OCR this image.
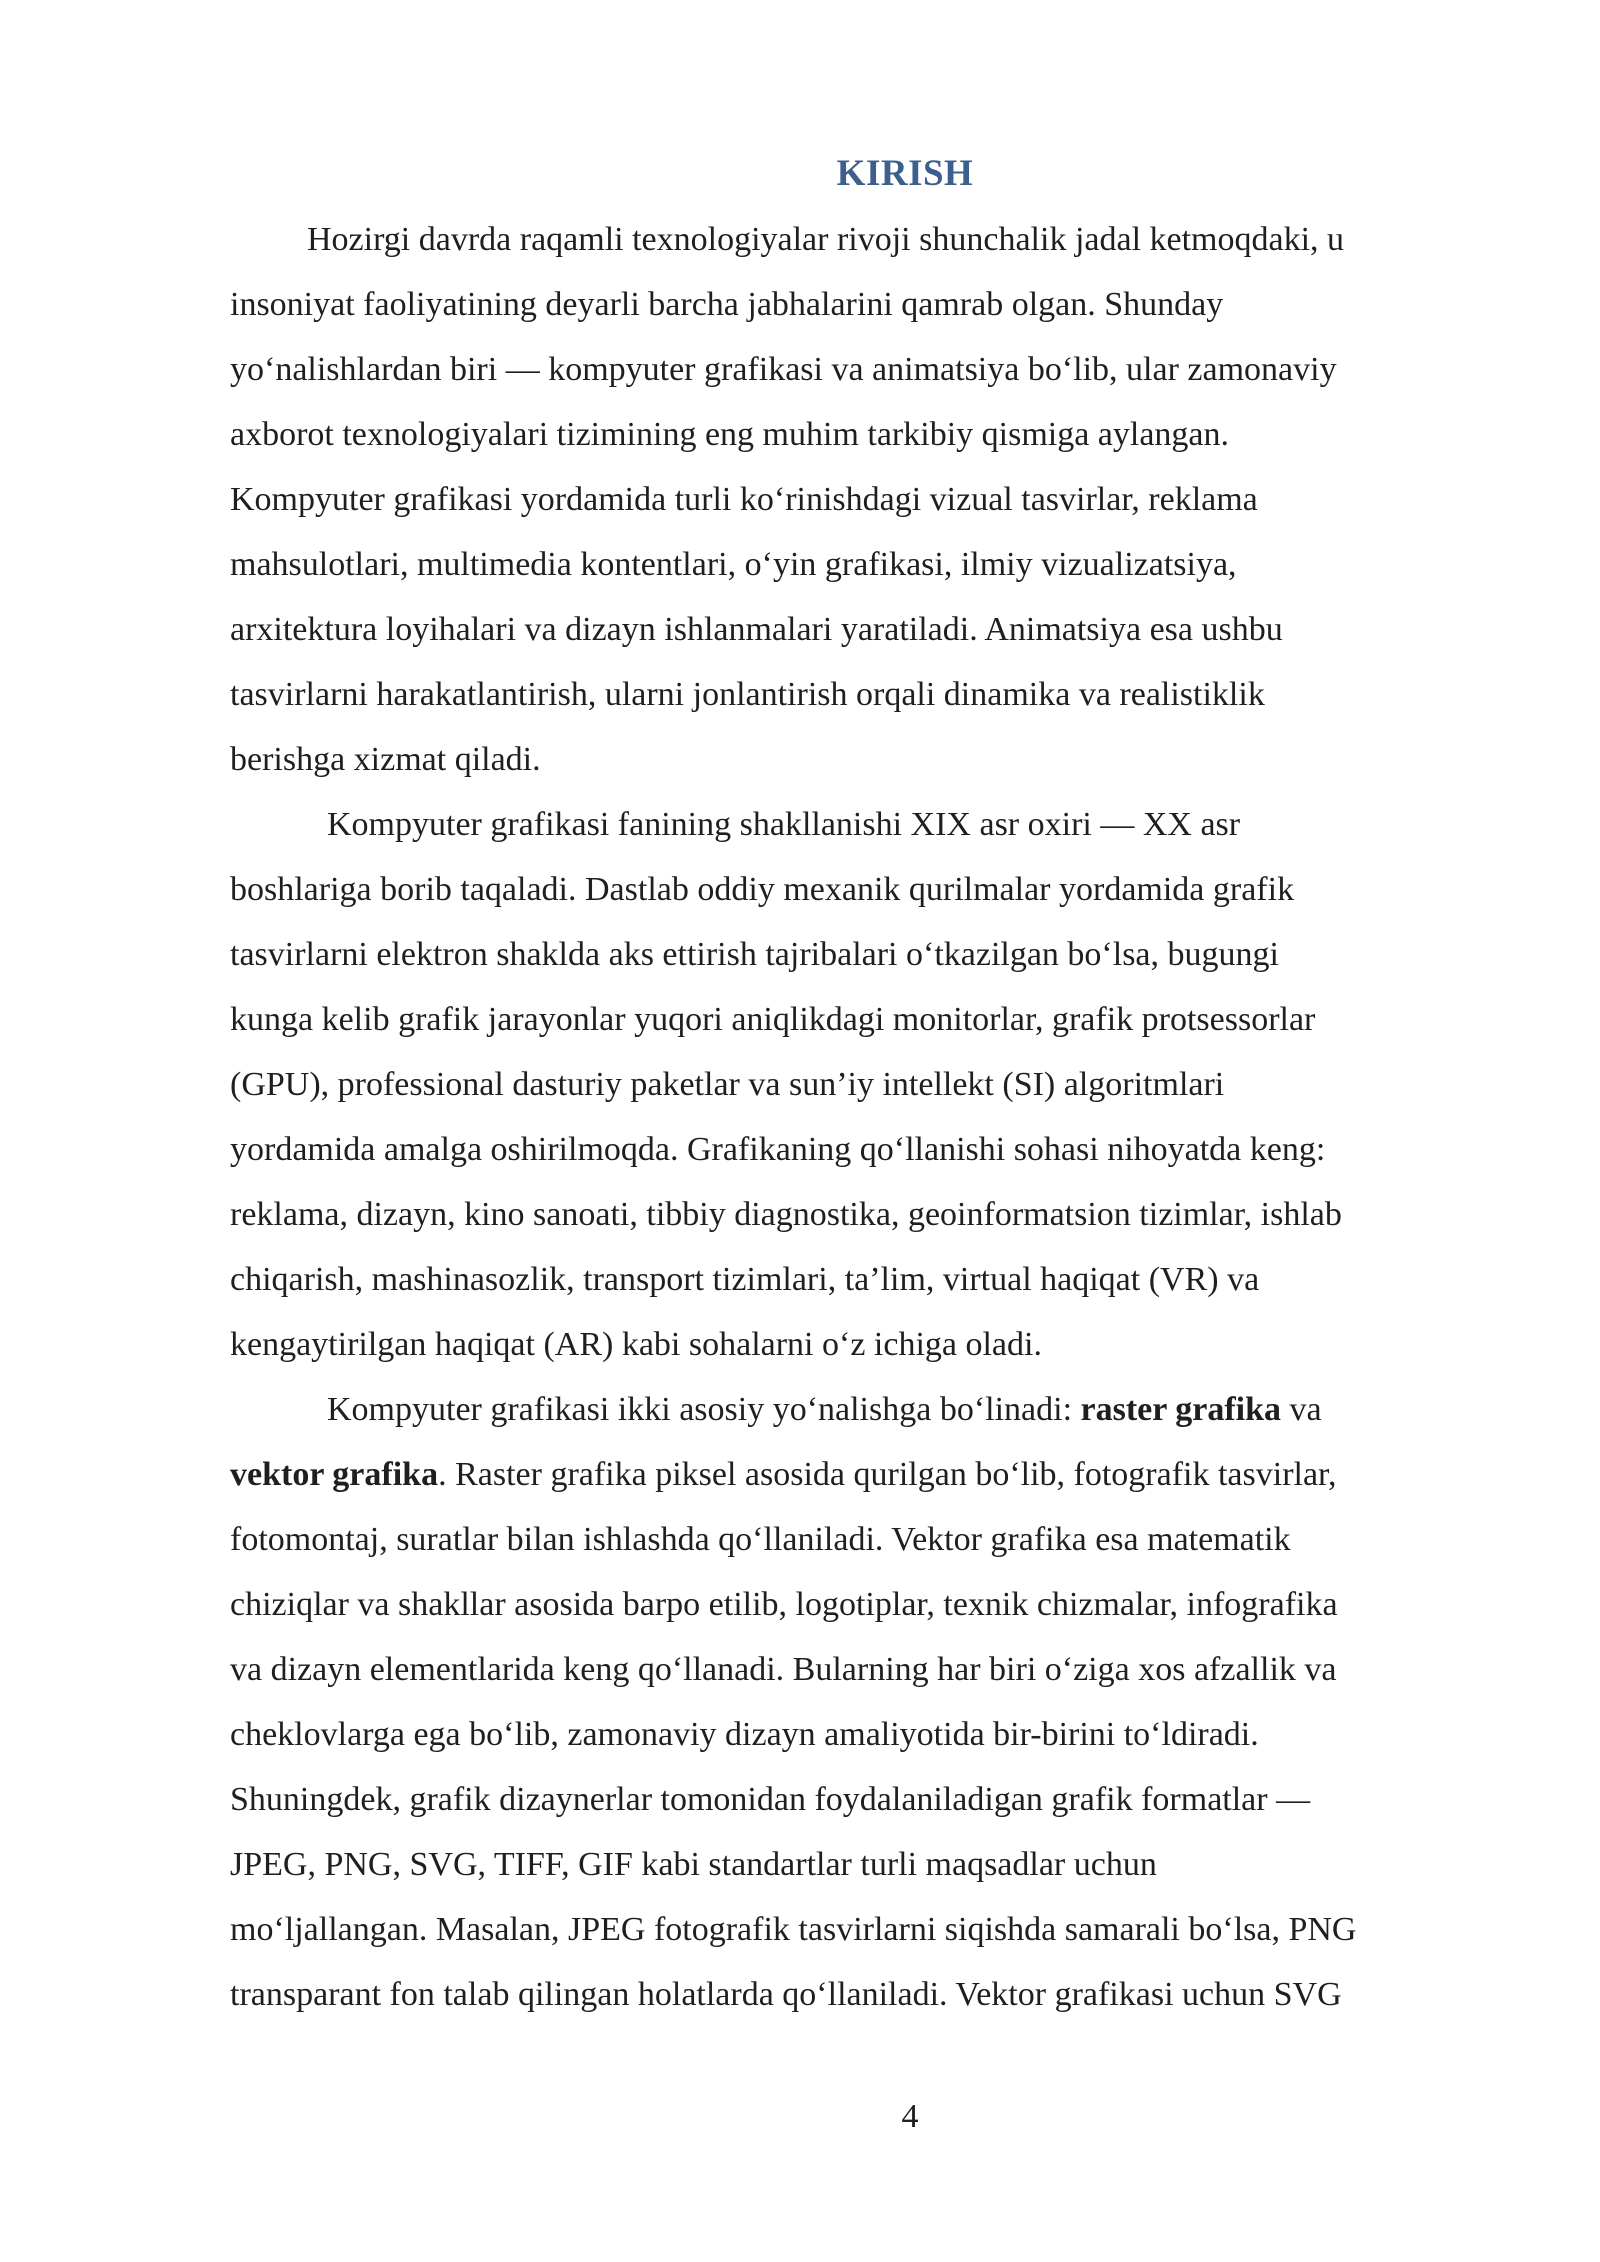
KIRISH
Hozirgi davrda raqamli texnologiyalar rivoji shunchalik jadal ketmoqdaki, u
insoniyat faoliyatining deyarli barcha jabhalarini qamrab olgan. Shunday
yo‘nalishlardan biri — kompyuter grafikasi va animatsiya bo‘lib, ular zamonaviy
axborot texnologiyalari tizimining eng muhim tarkibiy qismiga aylangan.
Kompyuter grafikasi yordamida turli ko‘rinishdagi vizual tasvirlar, reklama
mahsulotlari, multimedia kontentlari, o‘yin grafikasi, ilmiy vizualizatsiya,
arxitektura loyihalari va dizayn ishlanmalari yaratiladi. Animatsiya esa ushbu
tasvirlarni harakatlantirish, ularni jonlantirish orqali dinamika va realistiklik
berishga xizmat qiladi.
Kompyuter grafikasi fanining shakllanishi XIX asr oxiri — XX asr
boshlariga borib taqaladi. Dastlab oddiy mexanik qurilmalar yordamida grafik
tasvirlarni elektron shaklda aks ettirish tajribalari o‘tkazilgan bo‘lsa, bugungi
kunga kelib grafik jarayonlar yuqori aniqlikdagi monitorlar, grafik protsessorlar
(GPU), professional dasturiy paketlar va sun’iy intellekt (SI) algoritmlari
yordamida amalga oshirilmoqda. Grafikaning qo‘llanishi sohasi nihoyatda keng:
reklama, dizayn, kino sanoati, tibbiy diagnostika, geoinformatsion tizimlar, ishlab
chiqarish, mashinasozlik, transport tizimlari, ta’lim, virtual haqiqat (VR) va
kengaytirilgan haqiqat (AR) kabi sohalarni o‘z ichiga oladi.
Kompyuter grafikasi ikki asosiy yo‘nalishga bo‘linadi: raster grafika va
vektor grafika. Raster grafika piksel asosida qurilgan bo‘lib, fotografik tasvirlar,
fotomontaj, suratlar bilan ishlashda qo‘llaniladi. Vektor grafika esa matematik
chiziqlar va shakllar asosida barpo etilib, logotiplar, texnik chizmalar, infografika
va dizayn elementlarida keng qo‘llanadi. Bularning har biri o‘ziga xos afzallik va
cheklovlarga ega bo‘lib, zamonaviy dizayn amaliyotida bir-birini to‘ldiradi.
Shuningdek, grafik dizaynerlar tomonidan foydalaniladigan grafik formatlar —
JPEG, PNG, SVG, TIFF, GIF kabi standartlar turli maqsadlar uchun
mo‘ljallangan. Masalan, JPEG fotografik tasvirlarni siqishda samarali bo‘lsa, PNG
transparant fon talab qilingan holatlarda qo‘llaniladi. Vektor grafikasi uchun SVG
4
